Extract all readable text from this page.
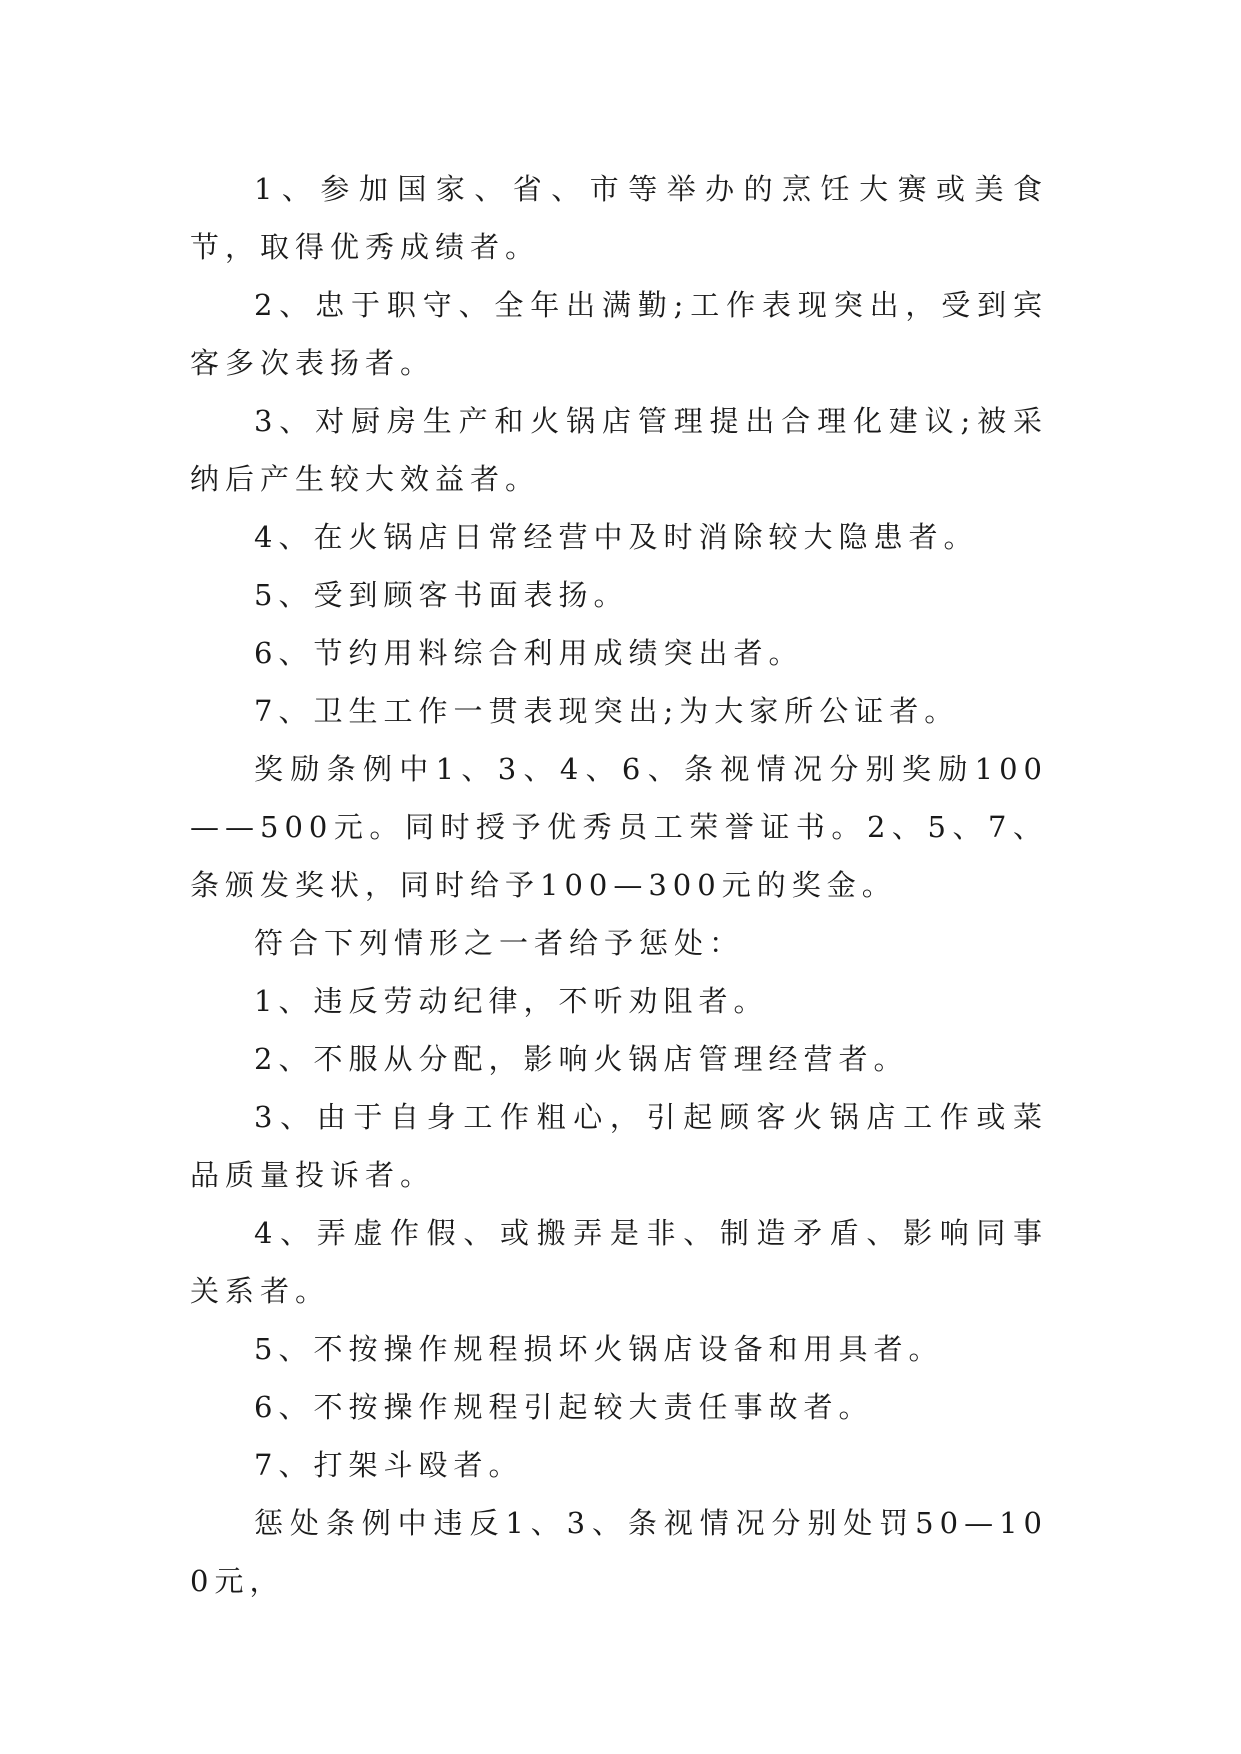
1、参加国家、省、市等举办的烹饪大赛或美食节，取得优秀成绩者。

2、忠于职守、全年出满勤;工作表现突出，受到宾客多次表扬者。

3、对厨房生产和火锅店管理提出合理化建议;被采纳后产生较大效益者。

4、在火锅店日常经营中及时消除较大隐患者。

5、受到顾客书面表扬。

6、节约用料综合利用成绩突出者。

7、卫生工作一贯表现突出;为大家所公证者。

奖励条例中1、3、4、6、条视情况分别奖励100——500元。同时授予优秀员工荣誉证书。2、5、7、条颁发奖状，同时给予100—300元的奖金。

符合下列情形之一者给予惩处：

1、违反劳动纪律，不听劝阻者。

2、不服从分配，影响火锅店管理经营者。

3、由于自身工作粗心，引起顾客火锅店工作或菜品质量投诉者。

4、弄虚作假、或搬弄是非、制造矛盾、影响同事关系者。

5、不按操作规程损坏火锅店设备和用具者。

6、不按操作规程引起较大责任事故者。

7、打架斗殴者。

惩处条例中违反1、3、条视情况分别处罚50—100元，
